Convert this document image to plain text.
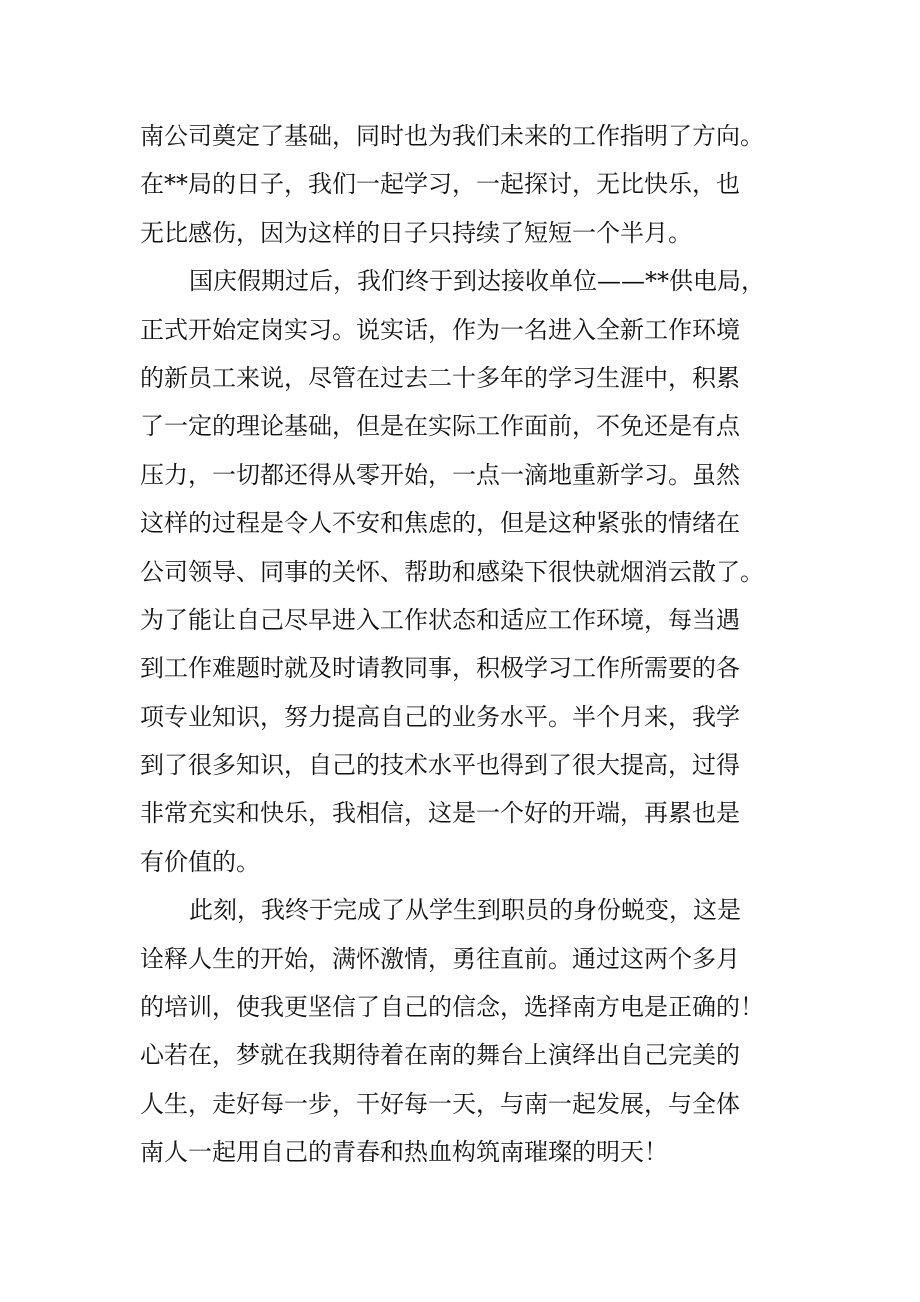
南公司奠定了基础，同时也为我们未来的工作指明了方向。
在**局的日子，我们一起学习，一起探讨，无比快乐，也
无比感伤，因为这样的日子只持续了短短一个半月。
国庆假期过后，我们终于到达接收单位——**供电局，
正式开始定岗实习。说实话，作为一名进入全新工作环境
的新员工来说，尽管在过去二十多年的学习生涯中，积累
了一定的理论基础，但是在实际工作面前，不免还是有点
压力，一切都还得从零开始，一点一滴地重新学习。虽然
这样的过程是令人不安和焦虑的，但是这种紧张的情绪在
公司领导、同事的关怀、帮助和感染下很快就烟消云散了。
为了能让自己尽早进入工作状态和适应工作环境，每当遇
到工作难题时就及时请教同事，积极学习工作所需要的各
项专业知识，努力提高自己的业务水平。半个月来，我学
到了很多知识，自己的技术水平也得到了很大提高，过得
非常充实和快乐，我相信，这是一个好的开端，再累也是
有价值的。
此刻，我终于完成了从学生到职员的身份蜕变，这是
诠释人生的开始，满怀激情，勇往直前。通过这两个多月
的培训，使我更坚信了自己的信念，选择南方电是正确的！
心若在，梦就在我期待着在南的舞台上演绎出自己完美的
人生，走好每一步，干好每一天，与南一起发展，与全体
南人一起用自己的青春和热血构筑南璀璨的明天！
